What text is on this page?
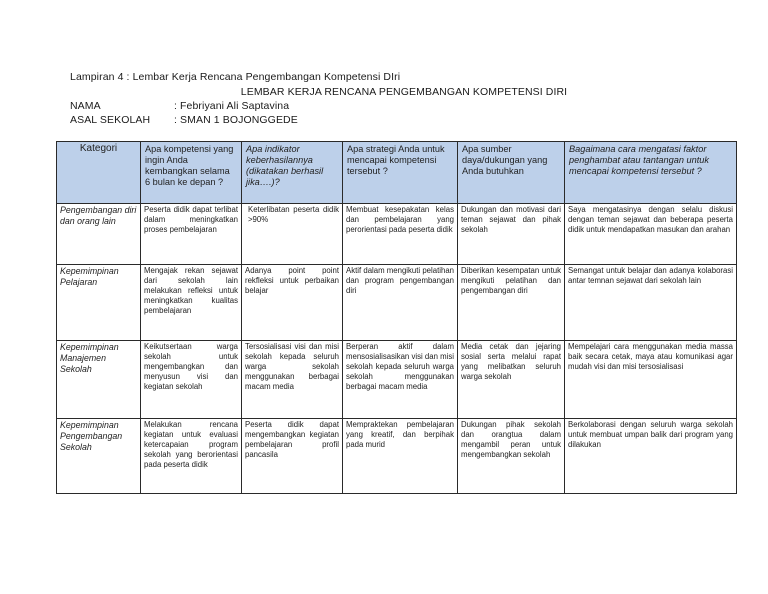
Lampiran 4 : Lembar Kerja Rencana Pengembangan Kompetensi DIri
LEMBAR KERJA RENCANA PENGEMBANGAN KOMPETENSI DIRI
NAMA	: Febriyani Ali Saptavina
ASAL SEKOLAH : SMAN 1 BOJONGGEDE
Kategori	Apa kompetensi yang ingin Anda kembangkan selama 6 bulan ke depan ?	Apa indikator keberhasilannya (dikatakan berhasil jika….)?	Apa strategi Anda untuk mencapai kompetensi tersebut ?	Apa sumber daya/dukungan yang Anda butuhkan	Bagaimana cara mengatasi faktor penghambat atau tantangan untuk mencapai kompetensi tersebut ?
Pengembangan diri dan orang lain	Peserta didik dapat terlibat dalam meningkatkan proses pembelajaran	Keterlibatan peserta didik >90%	Membuat kesepakatan kelas dan pembelajaran yang perorientasi pada peserta didik	Dukungan dan motivasi dari teman sejawat dan pihak sekolah	Saya mengatasinya dengan selalu diskusi dengan teman sejawat dan beberapa peserta didik untuk mendapatkan masukan dan arahan
Kepemimpinan Pelajaran	Mengajak rekan sejawat dari sekolah lain melakukan refleksi untuk meningkatkan kualitas pembelajaran	Adanya point point rekfleksi untuk perbaikan belajar	Aktif dalam mengikuti pelatihan dan program pengembangan diri	Diberikan kesempatan untuk mengikuti pelatihan dan pengembangan diri	Semangat untuk belajar dan adanya kolaborasi antar temnan sejawat dari sekolah lain
Kepemimpinan Manajemen Sekolah	Keikutsertaan warga sekolah untuk mengembangkan dan menyusun visi dan kegiatan sekolah	Tersosialisasi visi dan misi sekolah kepada seluruh warga sekolah menggunakan berbagai macam media	Berperan aktif dalam mensosialisasikan visi dan misi sekolah kepada seluruh warga sekolah menggunakan berbagai macam media	Media cetak dan jejaring sosial serta melalui rapat yang melibatkan seluruh warga sekolah	Mempelajari cara menggunakan media massa baik secara cetak, maya atau komunikasi agar mudah visi dan misi tersosialisasi
Kepemimpinan Pengembangan Sekolah	Melakukan rencana kegiatan untuk evaluasi ketercapaian program sekolah yang berorientasi pada peserta didik	Peserta didik dapat mengembangkan kegiatan pembelajaran profil pancasila	Mempraktekan pembelajaran yang kreatif, dan berpihak pada murid	Dukungan pihak sekolah dan orangtua dalam mengambil peran untuk mengembangkan sekolah	Berkolaborasi dengan seluruh warga sekolah untuk membuat umpan balik dari program yang dilakukan
